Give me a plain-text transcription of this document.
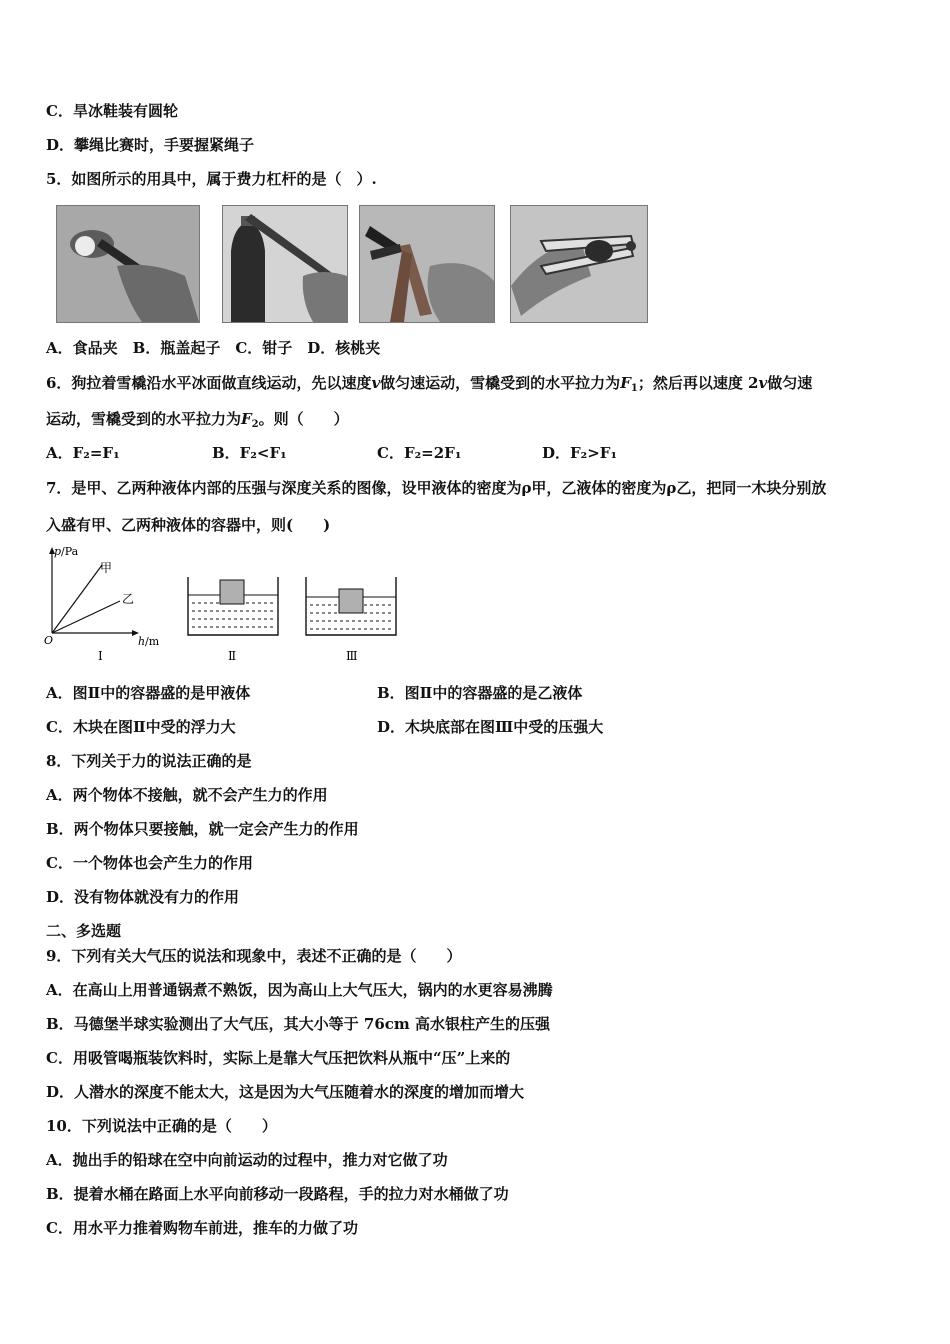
C．旱冰鞋装有圆轮
D．攀绳比赛时，手要握紧绳子
5．如图所示的用具中，属于费力杠杆的是（　）.
A．食品夹　B．瓶盖起子　C．钳子　D．核桃夹
6．狗拉着雪橇沿水平冰面做直线运动，先以速度v做匀速运动，雪橇受到的水平拉力为$F_1$；然后再以速度 2v做匀速
运动，雪橇受到的水平拉力为$F_2$。则（　　）
A．F₂=F₁	B．F₂<F₁	C．F₂=2F₁	D．F₂>F₁
7．是甲、乙两种液体内部的压强与深度关系的图像，设甲液体的密度为ρ甲，乙液体的密度为ρ乙，把同一木块分别放
入盛有甲、乙两种液体的容器中，则(　　)
p /Pa
甲
乙
O	h /m
Ⅰ	Ⅱ	Ⅲ
A．图Ⅱ中的容器盛的是甲液体	B．图Ⅱ中的容器盛的是乙液体
C．木块在图Ⅱ中受的浮力大	D．木块底部在图Ⅲ中受的压强大
8．下列关于力的说法正确的是
A．两个物体不接触，就不会产生力的作用
B．两个物体只要接触，就一定会产生力的作用
C．一个物体也会产生力的作用
D．没有物体就没有力的作用
二、多选题
9．下列有关大气压的说法和现象中，表述不正确的是（　　）
A．在高山上用普通锅煮不熟饭，因为高山上大气压大，锅内的水更容易沸腾
B．马德堡半球实验测出了大气压，其大小等于 76cm 高水银柱产生的压强
C．用吸管喝瓶装饮料时，实际上是靠大气压把饮料从瓶中“压”上来的
D．人潜水的深度不能太大，这是因为大气压随着水的深度的增加而增大
10．下列说法中正确的是（　　）
A．抛出手的铅球在空中向前运动的过程中，推力对它做了功
B．提着水桶在路面上水平向前移动一段路程，手的拉力对水桶做了功
C．用水平力推着购物车前进，推车的力做了功
